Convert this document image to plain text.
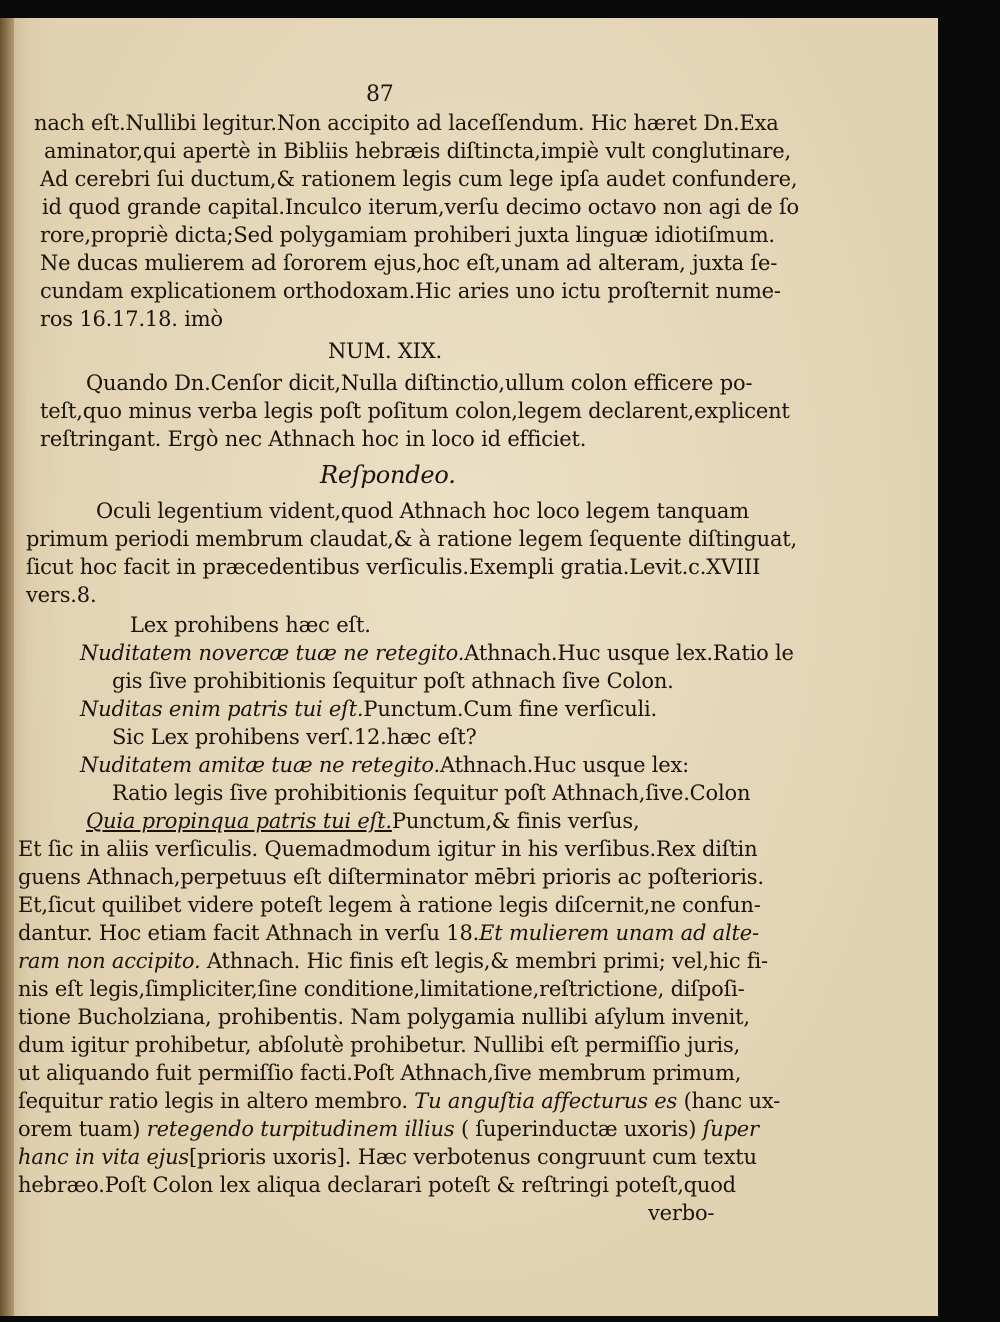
87
nach eſt.Nullibi legitur.Non accipito ad laceſſendum. Hic hæret Dn.Exa
aminator,qui apertè in Bibliis hebræis diſtincta,impiè vult conglutinare,
Ad cerebri ſui ductum,& rationem legis cum lege ipſa audet confundere,
id quod grande capital.Inculco iterum,verſu decimo octavo non agi de ſo
rore,propriè dicta;Sed polygamiam prohiberi juxta linguæ idiotiſmum.
Ne ducas mulierem ad ſororem ejus,hoc eſt,unam ad alteram, juxta ſe-
cundam explicationem orthodoxam.Hic aries uno ictu proſternit nume-
ros 16.17.18. imò
NUM. XIX.
Quando Dn.Cenſor dicit,Nulla diſtinctio,ullum colon efficere po-
teſt,quo minus verba legis poſt poſitum colon,legem declarent,explicent
reſtringant. Ergò nec Athnach hoc in loco id efficiet.
Reſpondeo.
Oculi legentium vident,quod Athnach hoc loco legem tanquam
primum periodi membrum claudat,& à ratione legem ſequente diſtinguat,
ſicut hoc facit in præcedentibus verſiculis.Exempli gratia.Levit.c.XVIII
vers.8.
Lex prohibens hæc eſt.
Nuditatem novercæ tuæ ne retegito.Athnach.Huc usque lex.Ratio le
gis ſive prohibitionis ſequitur poſt athnach ſive Colon.
Nuditas enim patris tui eſt.Punctum.Cum fine verſiculi.
Sic Lex prohibens verſ.12.hæc eſt?
Nuditatem amitæ tuæ ne retegito.Athnach.Huc usque lex:
Ratio legis ſive prohibitionis ſequitur poſt Athnach,ſive.Colon
Quia propinqua patris tui eſt.Punctum,& finis verſus,
Et ſic in aliis verſiculis. Quemadmodum igitur in his verſibus.Rex diſtin
guens Athnach,perpetuus eſt diſterminator mēbri prioris ac poſterioris.
Et,ſicut quilibet videre poteſt legem à ratione legis diſcernit,ne confun-
dantur. Hoc etiam facit Athnach in verſu 18.Et mulierem unam ad alte-
ram non accipito. Athnach. Hic finis eſt legis,& membri primi; vel,hic fi-
nis eſt legis,ſimpliciter,ſine conditione,limitatione,reſtrictione, diſpoſi-
tione Bucholziana, prohibentis. Nam polygamia nullibi aſylum invenit,
dum igitur prohibetur, abſolutè prohibetur. Nullibi eſt permiſſio juris,
ut aliquando fuit permiſſio facti.Poſt Athnach,ſive membrum primum,
ſequitur ratio legis in altero membro. Tu anguſtia affecturus es (hanc ux-
orem tuam) retegendo turpitudinem illius ( ſuperinductæ uxoris) ſuper
hanc in vita ejus[prioris uxoris]. Hæc verbotenus congruunt cum textu
hebræo.Poſt Colon lex aliqua declarari poteſt & reſtringi poteſt,quod
verbo-
